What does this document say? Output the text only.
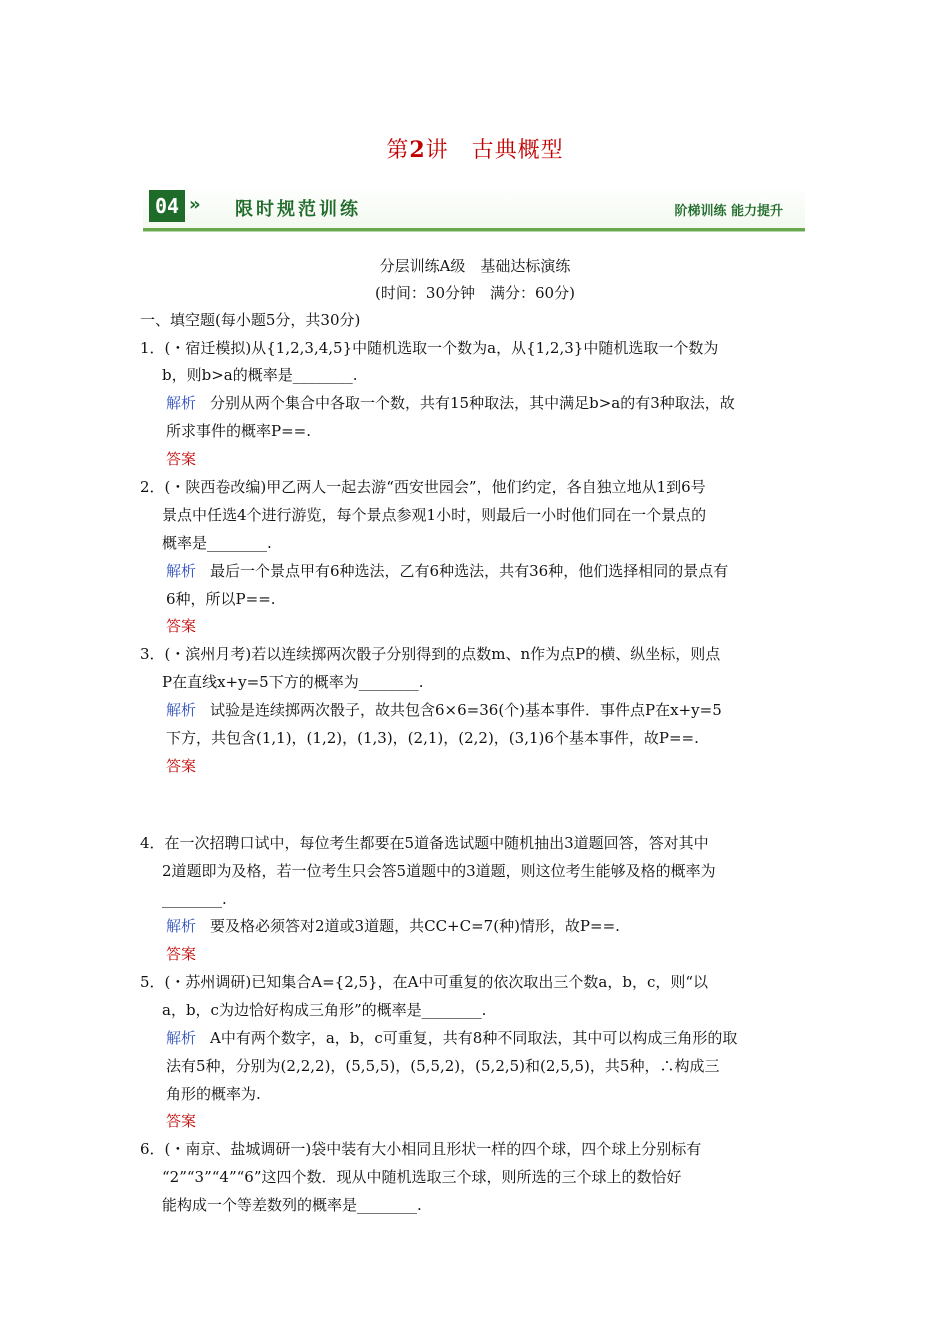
第2讲　古典概型
04 » 限时规范训练	阶梯训练 能力提升
分层训练A级　基础达标演练
(时间：30分钟　满分：60分)
一、填空题(每小题5分，共30分)
1．(・宿迁模拟)从{1,2,3,4,5}中随机选取一个数为a，从{1,2,3}中随机选取一个数为
b，则b>a的概率是________.
解析 分别从两个集合中各取一个数，共有15种取法，其中满足b>a的有3种取法，故
所求事件的概率P==.
答案
2．(・陕西卷改编)甲乙两人一起去游“西安世园会”，他们约定，各自独立地从1到6号
景点中任选4个进行游览，每个景点参观1小时，则最后一小时他们同在一个景点的
概率是________.
解析 最后一个景点甲有6种选法，乙有6种选法，共有36种，他们选择相同的景点有
6种，所以P==.
答案
3．(・滨州月考)若以连续掷两次骰子分别得到的点数m、n作为点P的横、纵坐标，则点
P在直线x+y=5下方的概率为________.
解析 试验是连续掷两次骰子，故共包含6×6=36(个)基本事件．事件点P在x+y=5
下方，共包含(1,1)，(1,2)，(1,3)，(2,1)，(2,2)，(3,1)6个基本事件，故P==.
答案
4．在一次招聘口试中，每位考生都要在5道备选试题中随机抽出3道题回答，答对其中
2道题即为及格，若一位考生只会答5道题中的3道题，则这位考生能够及格的概率为
________.
解析 要及格必须答对2道或3道题，共CC+C=7(种)情形，故P==.
答案
5．(・苏州调研)已知集合A={2,5}，在A中可重复的依次取出三个数a，b，c，则“以
a，b，c为边恰好构成三角形”的概率是________.
解析 A中有两个数字，a，b，c可重复，共有8种不同取法，其中可以构成三角形的取
法有5种，分别为(2,2,2)，(5,5,5)，(5,5,2)，(5,2,5)和(2,5,5)，共5种，∴构成三
角形的概率为.
答案
6．(・南京、盐城调研一)袋中装有大小相同且形状一样的四个球，四个球上分别标有
“2”“3”“4”“6”这四个数．现从中随机选取三个球，则所选的三个球上的数恰好
能构成一个等差数列的概率是________.
